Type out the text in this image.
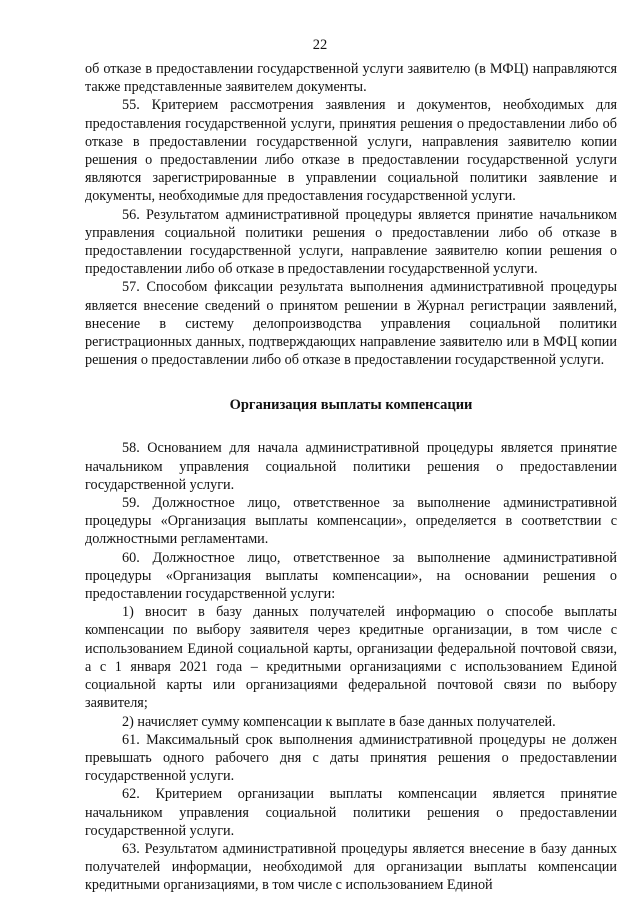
22

об отказе в предоставлении государственной услуги заявителю (в МФЦ) направляются также представленные заявителем документы.

55. Критерием рассмотрения заявления и документов, необходимых для предоставления государственной услуги, принятия решения о предоставлении либо об отказе в предоставлении государственной услуги, направления заявителю копии решения о предоставлении либо отказе в предоставлении государственной услуги являются зарегистрированные в управлении социальной политики заявление и документы, необходимые для предоставления государственной услуги.

56. Результатом административной процедуры является принятие начальником управления социальной политики решения о предоставлении либо об отказе в предоставлении государственной услуги, направление заявителю копии решения о предоставлении либо об отказе в предоставлении государственной услуги.

57. Способом фиксации результата выполнения административной процедуры является внесение сведений о принятом решении в Журнал регистрации заявлений, внесение в систему делопроизводства управления социальной политики регистрационных данных, подтверждающих направление заявителю или в МФЦ копии решения о предоставлении либо об отказе в предоставлении государственной услуги.

Организация выплаты компенсации

58. Основанием для начала административной процедуры является принятие начальником управления социальной политики решения о предоставлении государственной услуги.

59. Должностное лицо, ответственное за выполнение административной процедуры «Организация выплаты компенсации», определяется в соответствии с должностными регламентами.

60. Должностное лицо, ответственное за выполнение административной процедуры «Организация выплаты компенсации», на основании решения о предоставлении государственной услуги:

1) вносит в базу данных получателей информацию о способе выплаты компенсации по выбору заявителя через кредитные организации, в том числе с использованием Единой социальной карты, организации федеральной почтовой связи, а с 1 января 2021 года – кредитными организациями с использованием Единой социальной карты или организациями федеральной почтовой связи по выбору заявителя;

2) начисляет сумму компенсации к выплате в базе данных получателей.

61. Максимальный срок выполнения административной процедуры не должен превышать одного рабочего дня с даты принятия решения о предоставлении государственной услуги.

62. Критерием организации выплаты компенсации является принятие начальником управления социальной политики решения о предоставлении государственной услуги.

63. Результатом административной процедуры является внесение в базу данных получателей информации, необходимой для организации выплаты компенсации кредитными организациями, в том числе с использованием Единой
